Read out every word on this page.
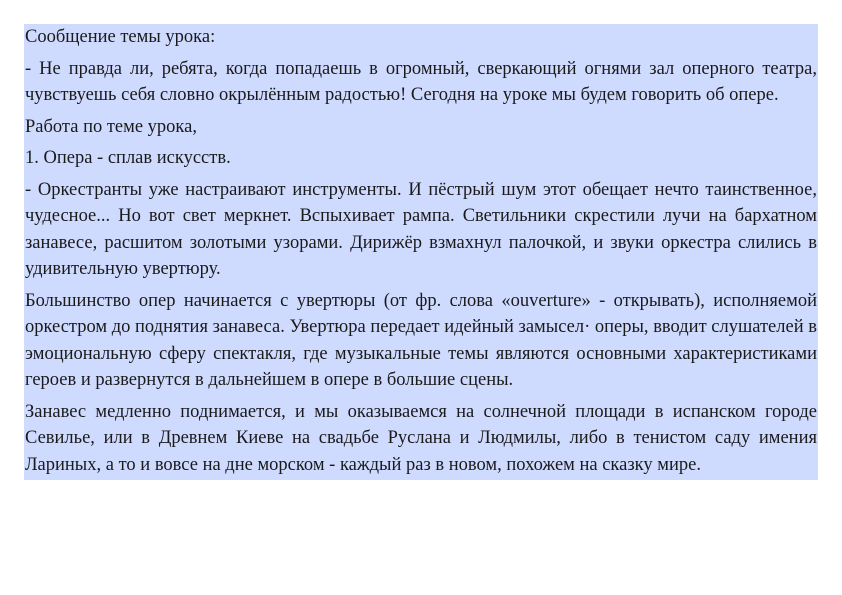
Сообщение темы урока:

- Не правда ли, ребята, когда попадаешь в огромный, сверкающий огнями зал оперного театра, чувствуешь себя словно окрылённым радостью! Сегодня на уроке мы будем говорить об опере.

Работа по теме урока,

1. Опера - сплав искусств.

- Оркестранты уже настраивают инструменты. И пёстрый шум этот обещает нечто таинственное, чудесное... Но вот свет меркнет. Вспыхивает рампа. Светильники скрестили лучи на бархатном занавесе, расшитом золотыми узорами. Дирижёр взмахнул палочкой, и звуки оркестра слились в удивительную увертюру.

Большинство опер начинается с увертюры (от фр. слова «ouverture» - открывать), исполняемой оркестром до поднятия занавеса. Увертюра передает идейный замысел· оперы, вводит слушателей в эмоциональную сферу спектакля, где музыкальные темы являются основными характеристиками героев и развернутся в дальнейшем в опере в большие сцены.

Занавес медленно поднимается, и мы оказываемся на солнечной площади в испанском городе Севилье, или в Древнем Киеве на свадьбе Руслана и Людмилы, либо в тенистом саду имения Лариных, а то и вовсе на дне морском - каждый раз в новом, похожем на сказку мире.
